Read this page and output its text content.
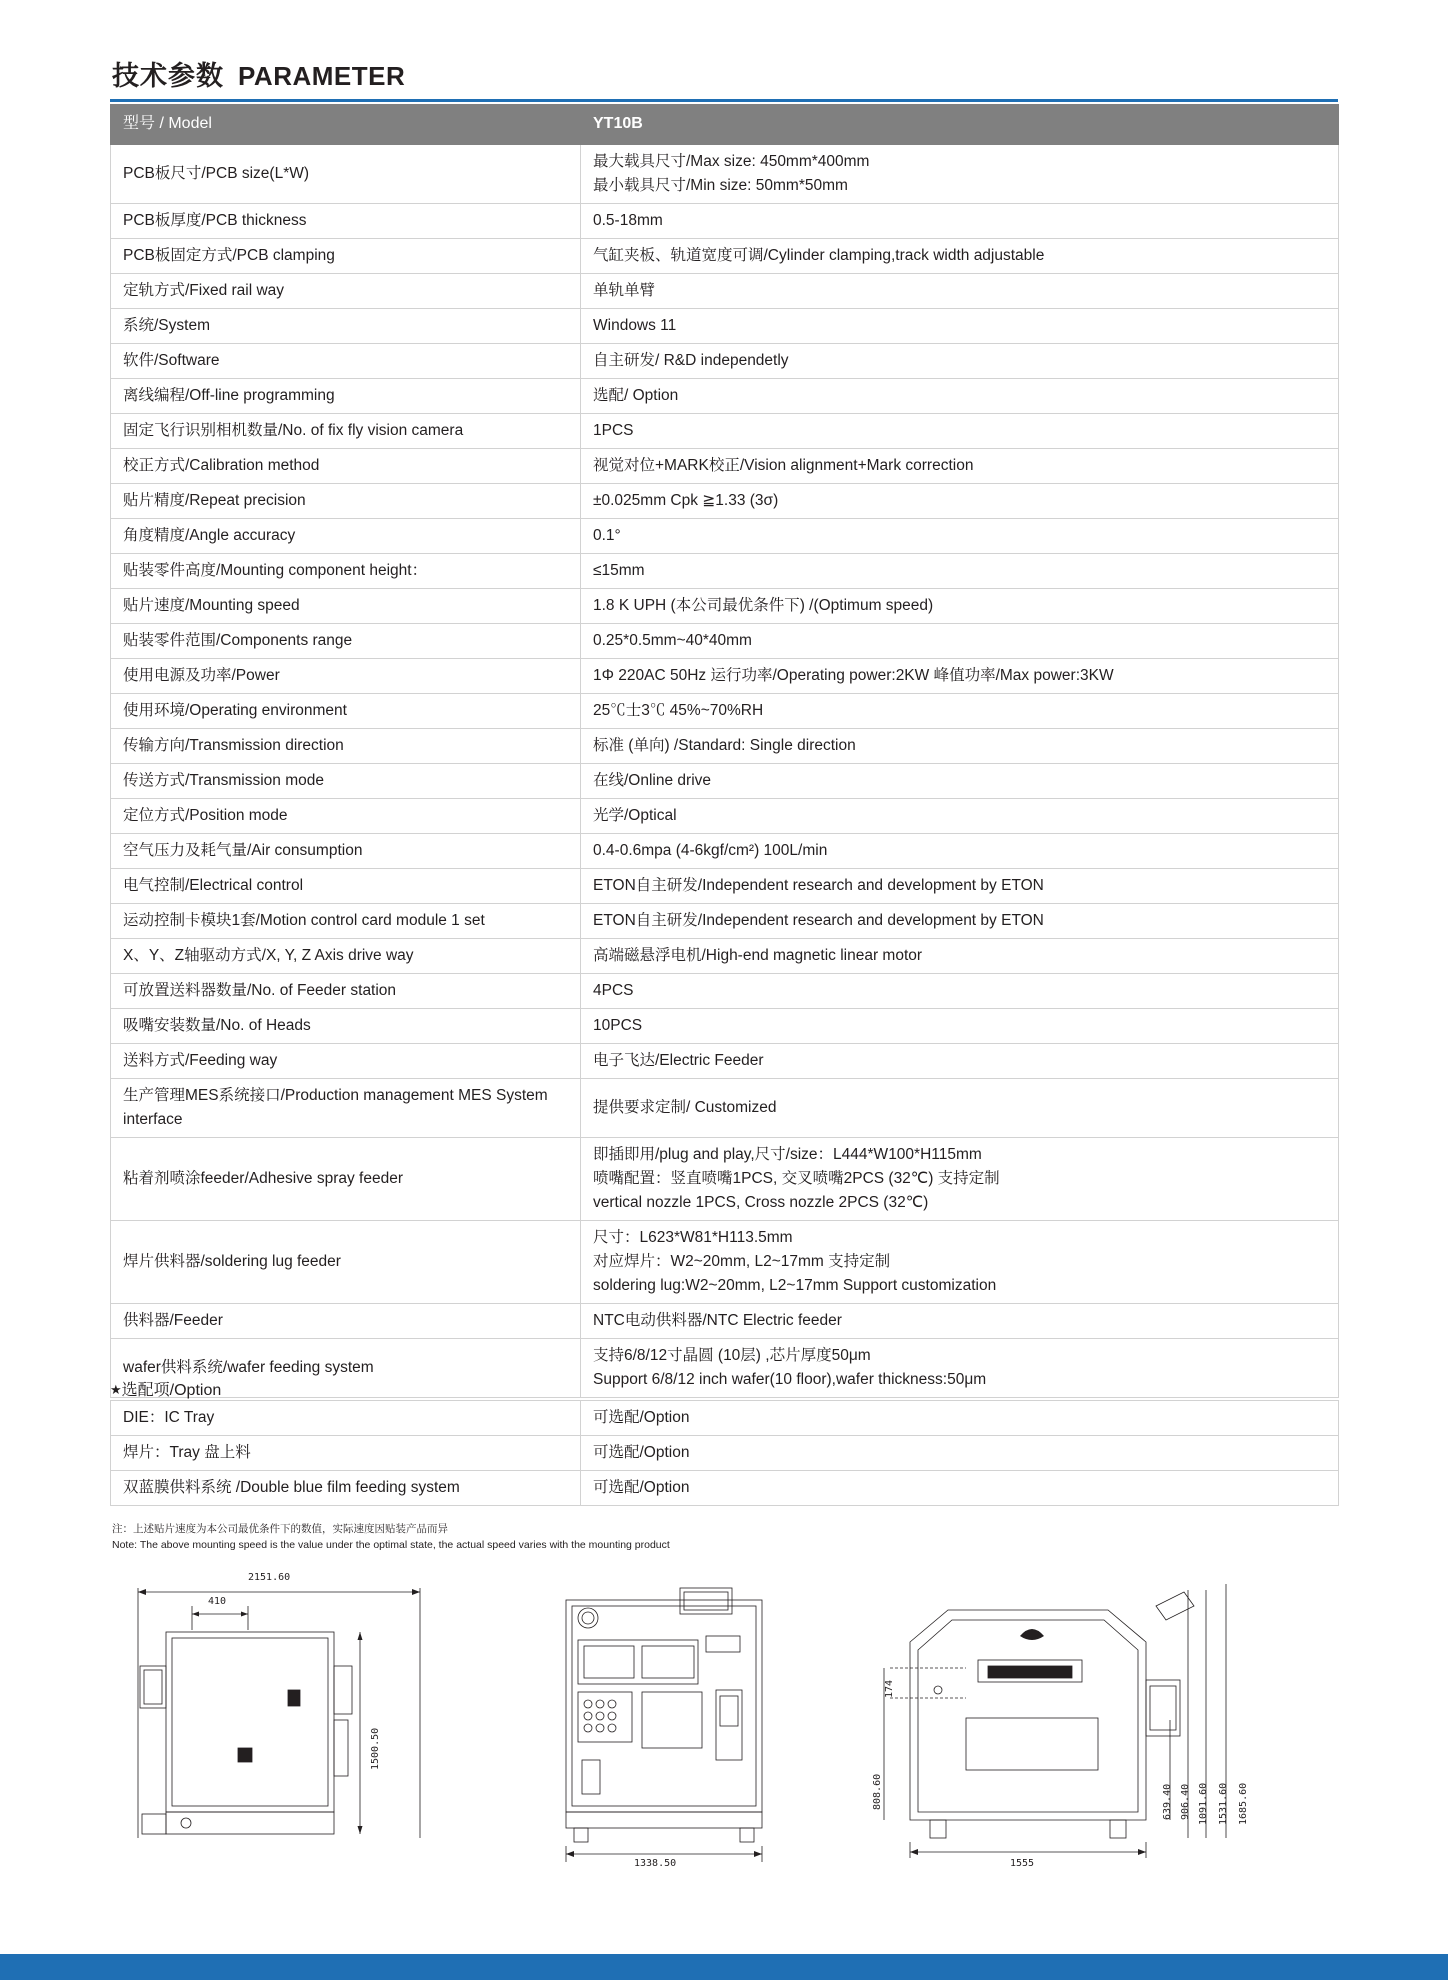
技术参数 PARAMETER
型号 / Model	YT10B
PCB板尺寸/PCB size(L*W)	最大载具尺寸/Max size: 450mm*400mm
最小载具尺寸/Min size: 50mm*50mm

PCB板厚度/PCB thickness	0.5-18mm

PCB板固定方式/PCB clamping	气缸夹板、轨道宽度可调/Cylinder clamping,track width adjustable

定轨方式/Fixed rail way	单轨单臂

系统/System	Windows 11

软件/Software	自主研发/ R&D independetly

离线编程/Off-line programming	选配/ Option

固定飞行识别相机数量/No. of fix fly vision camera	1PCS

校正方式/Calibration method	视觉对位+MARK校正/Vision alignment+Mark correction

贴片精度/Repeat precision	±0.025mm Cpk ≧1.33 (3σ)

角度精度/Angle accuracy	0.1°

贴装零件高度/Mounting component height：	≤15mm

贴片速度/Mounting speed	1.8 K UPH (本公司最优条件下) /(Optimum speed)

贴装零件范围/Components range	0.25*0.5mm~40*40mm

使用电源及功率/Power	1Φ 220AC 50Hz 运行功率/Operating power:2KW 峰值功率/Max power:3KW

使用环境/Operating environment	25℃士3℃ 45%~70%RH

传输方向/Transmission direction	标准 (单向) /Standard: Single direction

传送方式/Transmission mode	在线/Online drive

定位方式/Position mode	光学/Optical

空气压力及耗气量/Air consumption	0.4-0.6mpa (4-6kgf/cm²) 100L/min

电气控制/Electrical control	ETON自主研发/Independent research and development by ETON

运动控制卡模块1套/Motion control card module 1 set	ETON自主研发/Independent research and development by ETON

X、Y、Z轴驱动方式/X, Y, Z Axis drive way	高端磁悬浮电机/High-end magnetic linear motor

可放置送料器数量/No. of Feeder station	4PCS

吸嘴安装数量/No. of Heads	10PCS

送料方式/Feeding way	电子飞达/Electric Feeder

生产管理MES系统接口/Production management MES System interface	提供要求定制/ Customized

粘着剂喷涂feeder/Adhesive spray feeder	即插即用/plug and play,尺寸/size：L444*W100*H115mm
喷嘴配置：竖直喷嘴1PCS, 交叉喷嘴2PCS (32℃) 支持定制
vertical nozzle 1PCS, Cross nozzle 2PCS (32℃)

焊片供料器/soldering lug feeder	尺寸：L623*W81*H113.5mm
对应焊片：W2~20mm, L2~17mm 支持定制
soldering lug:W2~20mm, L2~17mm Support customization

供料器/Feeder	NTC电动供料器/NTC Electric feeder

wafer供料系统/wafer feeding system	支持6/8/12寸晶圆 (10层) ,芯片厚度50μm
Support 6/8/12 inch wafer(10 floor),wafer thickness:50μm
★选配项/Option
DIE：IC Tray	可选配/Option
焊片：Tray 盘上料	可选配/Option
双蓝膜供料系统 /Double blue film feeding system	可选配/Option
注：上述贴片速度为本公司最优条件下的数值，实际速度因贴装产品而异
Note: The above mounting speed is the value under the optimal state, the actual speed varies with the mounting product
2151.60
410
1500.50
1338.50	1555
174
808.60	639.40 906.40 1091.60 1531.60 1685.60
